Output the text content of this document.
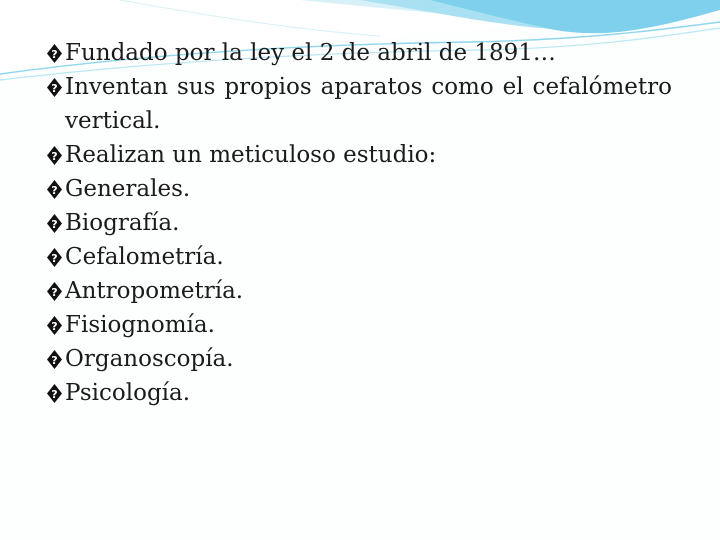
? Fundado por la ley el 2 de abril de 1891…
? Inventan sus propios aparatos como el cefalómetro
vertical.
? Realizan un meticuloso estudio:
? Generales.
? Biografía.
? Cefalometría.
? Antropometría.
? Fisiognomía.
? Organoscopía.
? Psicología.
